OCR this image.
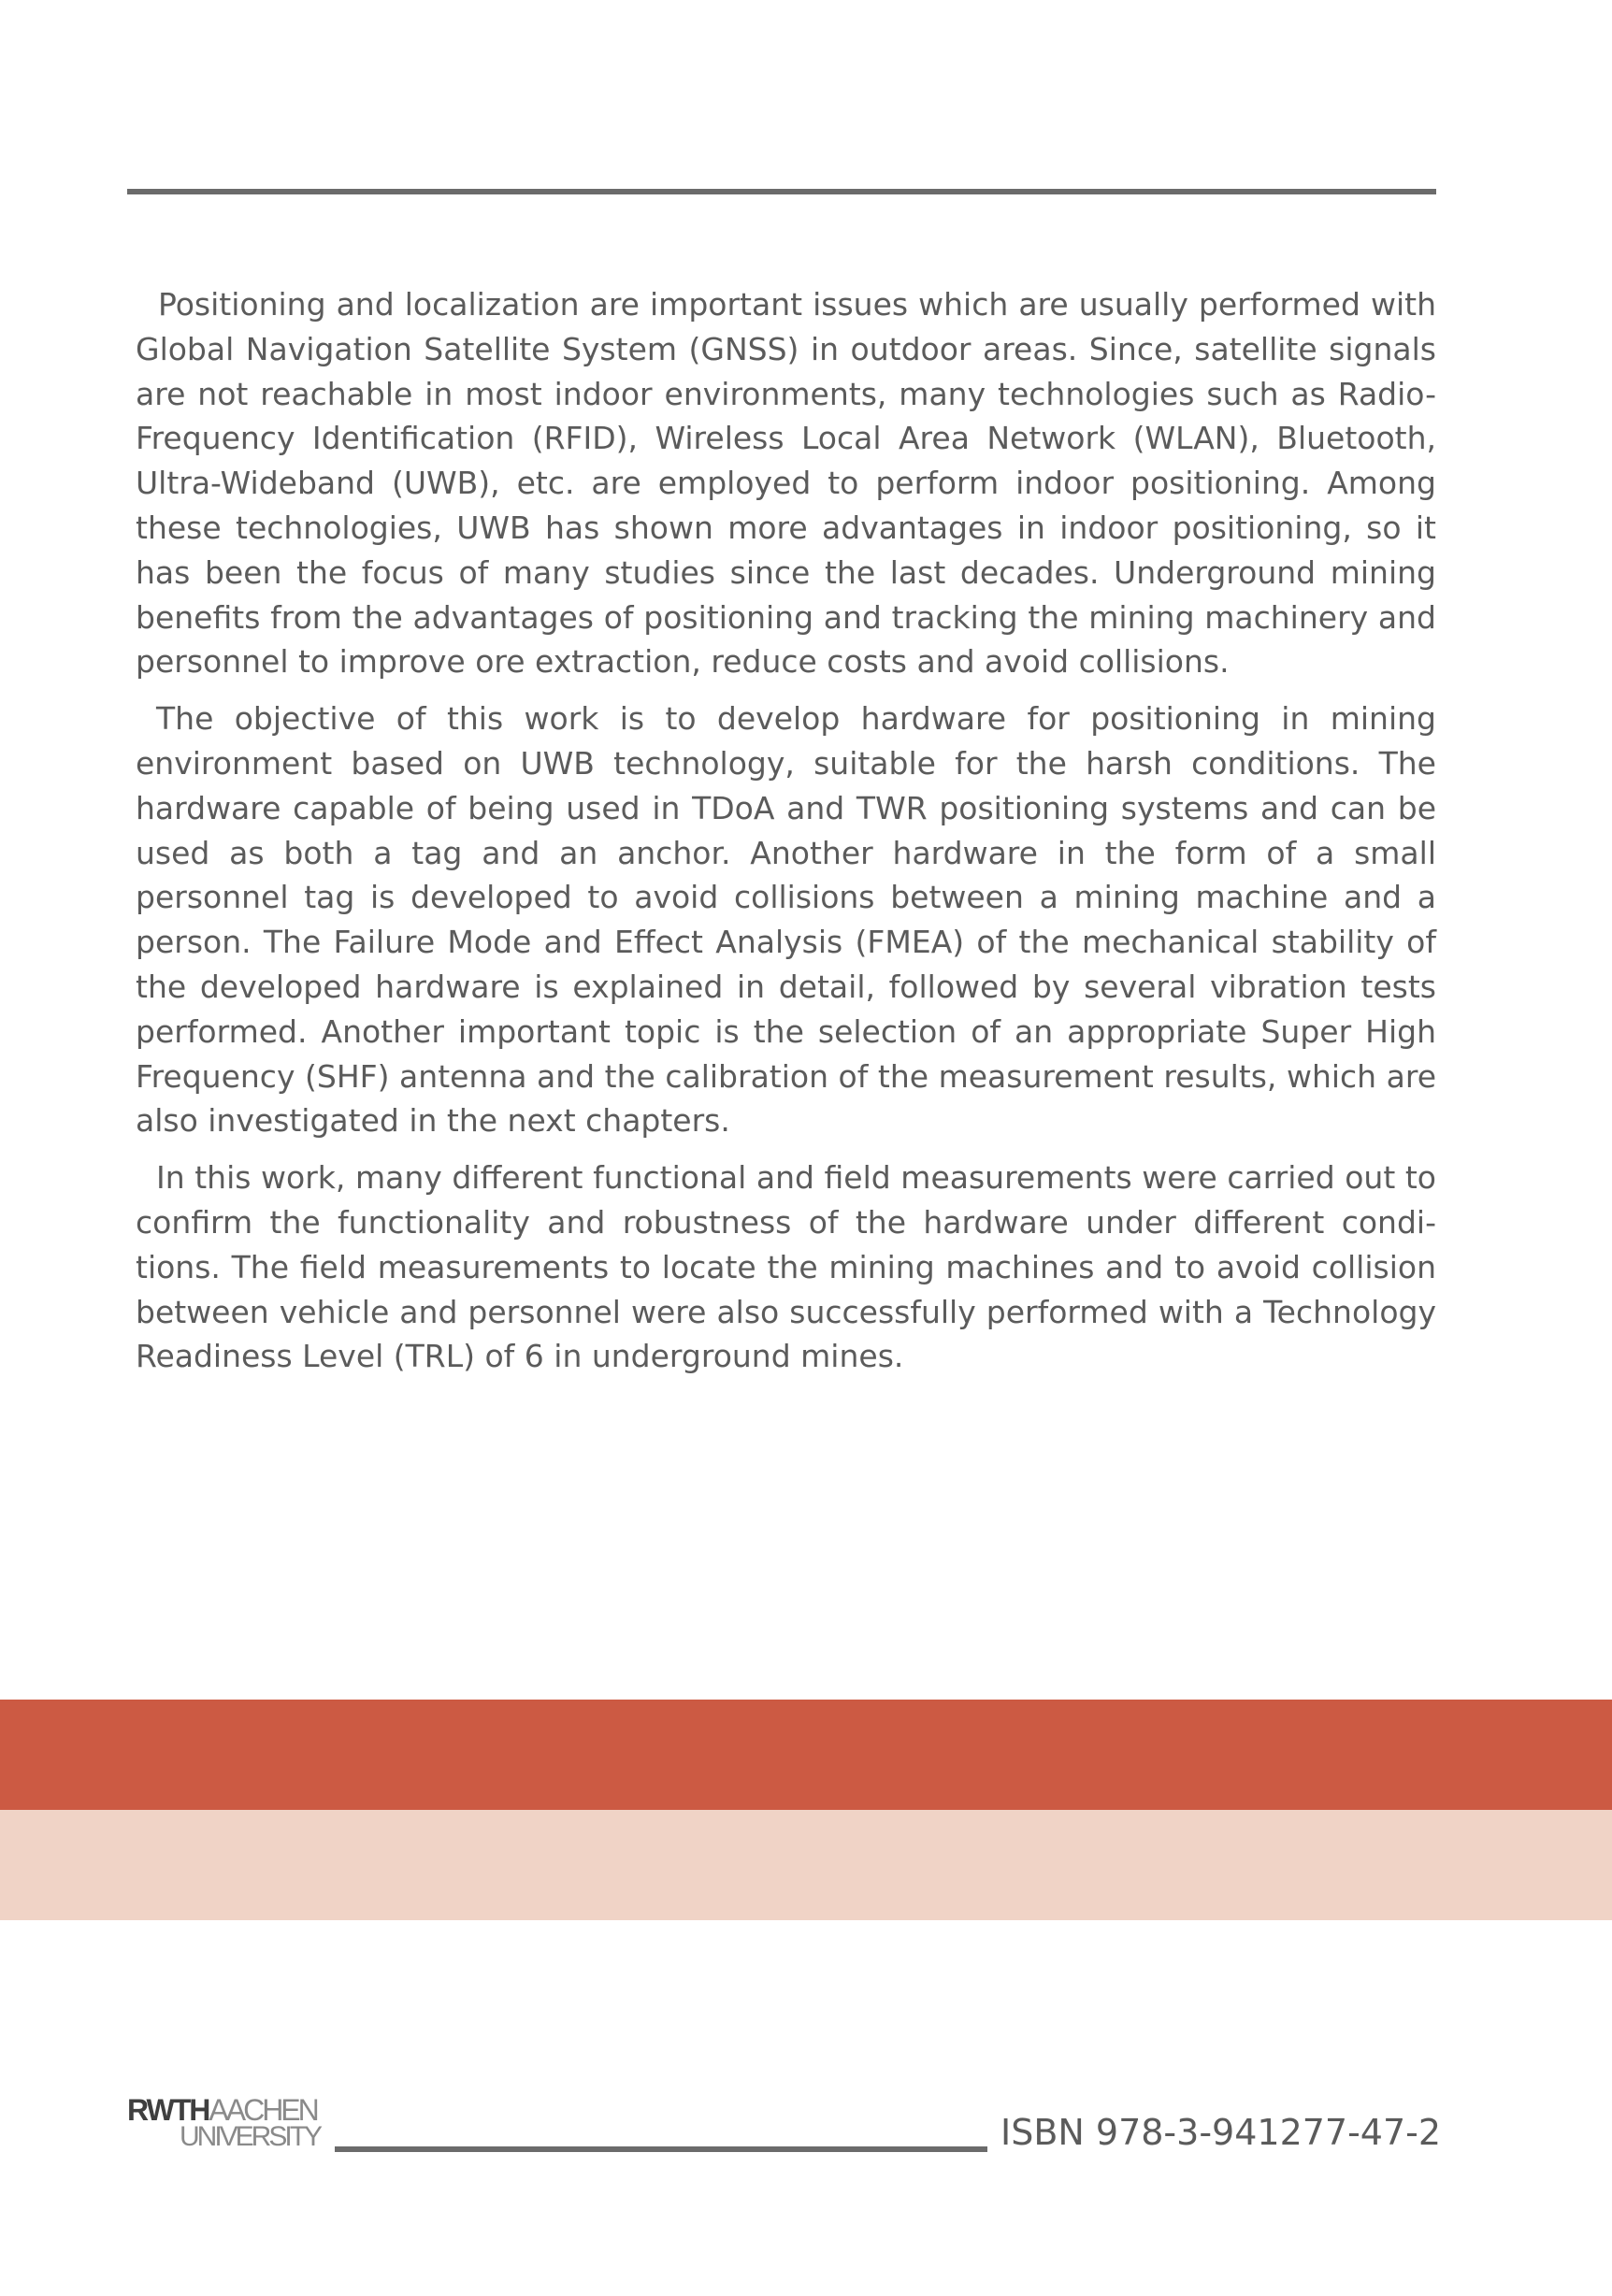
Positioning and localization are important issues which are usually performed with Global Navigation Satellite System (GNSS) in outdoor areas. Since, satellite signals are not reachable in most indoor environments, many technologies such as Radio-Frequency Identification (RFID), Wireless Local Area Network (WLAN), Bluetooth, Ultra-Wideband (UWB), etc. are employed to perform indoor positioning. Among these technologies, UWB has shown more advantages in indoor positioning, so it has been the focus of many studies since the last decades. Underground mining benefits from the advantages of positioning and tracking the mining machinery and personnel to improve ore extraction, reduce costs and avoid collisions.

The objective of this work is to develop hardware for positioning in mining environment based on UWB technology, suitable for the harsh conditions. The hardware capable of being used in TDoA and TWR positioning systems and can be used as both a tag and an anchor. Another hardware in the form of a small personnel tag is developed to avoid collisions between a mining machine and a person. The Failure Mode and Effect Analysis (FMEA) of the mechanical stability of the developed hardware is explained in detail, followed by several vibration tests performed. Another important topic is the selection of an appropriate Super High Frequency (SHF) antenna and the calibration of the measurement results, which are also investigated in the next chapters.

In this work, many different functional and field measurements were carried out to confirm the functionality and robustness of the hardware under different conditions. The field measurements to locate the mining machines and to avoid collision between vehicle and personnel were also successfully performed with a Technology Readiness Level (TRL) of 6 in underground mines.

RWTHAACHEN
UNIVERSITY	ISBN 978-3-941277-47-2
